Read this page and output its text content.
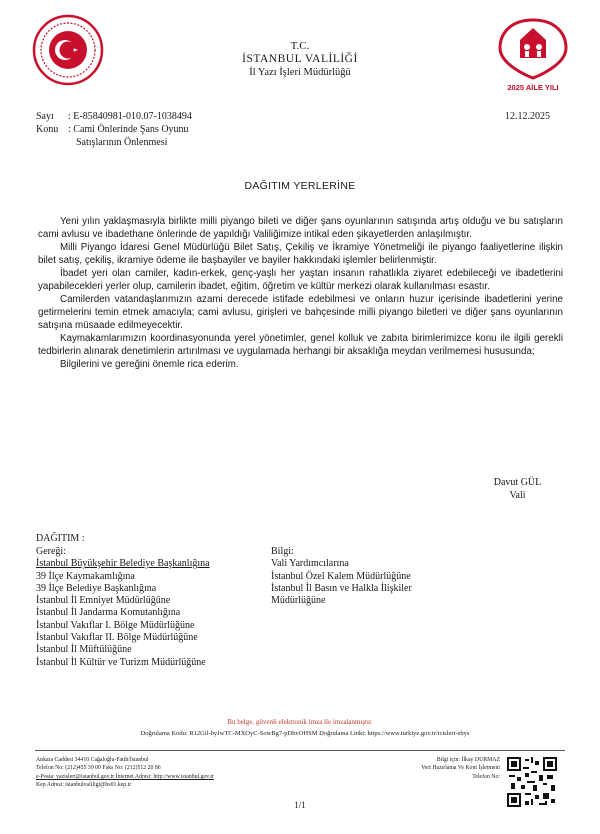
2025 AİLE YILI
T.C.
İSTANBUL VALİLİĞİ
İl Yazı İşleri Müdürlüğü
Sayı : E-85840981-010.07-1038494	12.12.2025
Konu : Cami Önlerinde Şans Oyunu
Satışlarının Önlenmesi
DAĞITIM YERLERİNE

Yeni yılın yaklaşmasıyla birlikte milli piyango bileti ve diğer şans oyunlarının satışında artış olduğu ve bu satışların cami avlusu ve ibadethane önlerinde de yapıldığı Valiliğimize intikal eden şikayetlerden anlaşılmıştır.

Milli Piyango İdaresi Genel Müdürlüğü Bilet Satış, Çekiliş ve İkramiye Yönetmeliği ile piyango faaliyetlerine ilişkin bilet satış, çekiliş, ikramiye ödeme ile başbayiler ve bayiler hakkındaki işlemler belirlenmiştir.

İbadet yeri olan camiler, kadın-erkek, genç-yaşlı her yaştan insanın rahatlıkla ziyaret edebileceği ve ibadetlerini yapabilecekleri yerler olup, camilerin ibadet, eğitim, öğretim ve kültür merkezi olarak kullanılması esastır.

Camilerden vatandaşlarımızın azami derecede istifade edebilmesi ve onların huzur içerisinde ibadetlerini yerine getirmelerini temin etmek amacıyla; cami avlusu, girişleri ve bahçesinde milli piyango biletleri ve diğer şans oyunlarının satışına müsaade edilmeyecektir.

Kaymakamlarımızın koordinasyonunda yerel yönetimler, genel kolluk ve zabıta birimlerimizce konu ile ilgili gerekli tedbirlerin alınarak denetimlerin artırılması ve uygulamada herhangi bir aksaklığa meydan verilmemesi hususunda;

Bilgilerini ve gereğini önemle rica ederim.

Davut GÜL
Vali
DAĞITIM :
Gereği:
İstanbul Büyükşehir Belediye Başkanlığına
39 İlçe Kaymakamlığına
39 İlçe Belediye Başkanlığına
İstanbul İl Emniyet Müdürlüğüne
İstanbul İl Jandarma Komutanlığına
İstanbul Vakıflar I. Bölge Müdürlüğüne
İstanbul Vakıflar II. Bölge Müdürlüğüne
İstanbul İl Müftülüğüne
İstanbul İl Kültür ve Turizm Müdürlüğüne
Bilgi:
Vali Yardımcılarına
İstanbul Özel Kalem Müdürlüğüne
İstanbul İl Basın ve Halkla İlişkiler
Müdürlüğüne
Bu belge, güvenli elektronik imza ile imzalanmıştır.
Doğrulama Kodu: R12Gil-byJwTC-MXOyC-SowBg7-pDhvOHSM Doğrulama Linki: https://www.turkiye.gov.tr/icisleri-ebys
Ankara Caddesi 34410 Cağaloğlu-Fatih/İstanbul
Telefon No: (212)455 39 00 Faks No: (212)512 20 86
e-Posta: yazisleri@istanbul.gov.tr İnternet Adresi: http://www.istanbul.gov.tr
Kep Adresi: istanbulvaliligi@hs01.kep.tr
Bilgi için: İlkay DURMAZ
Veri Hazırlama Ve Kont İşletmeni
Telefon No:
1/1
